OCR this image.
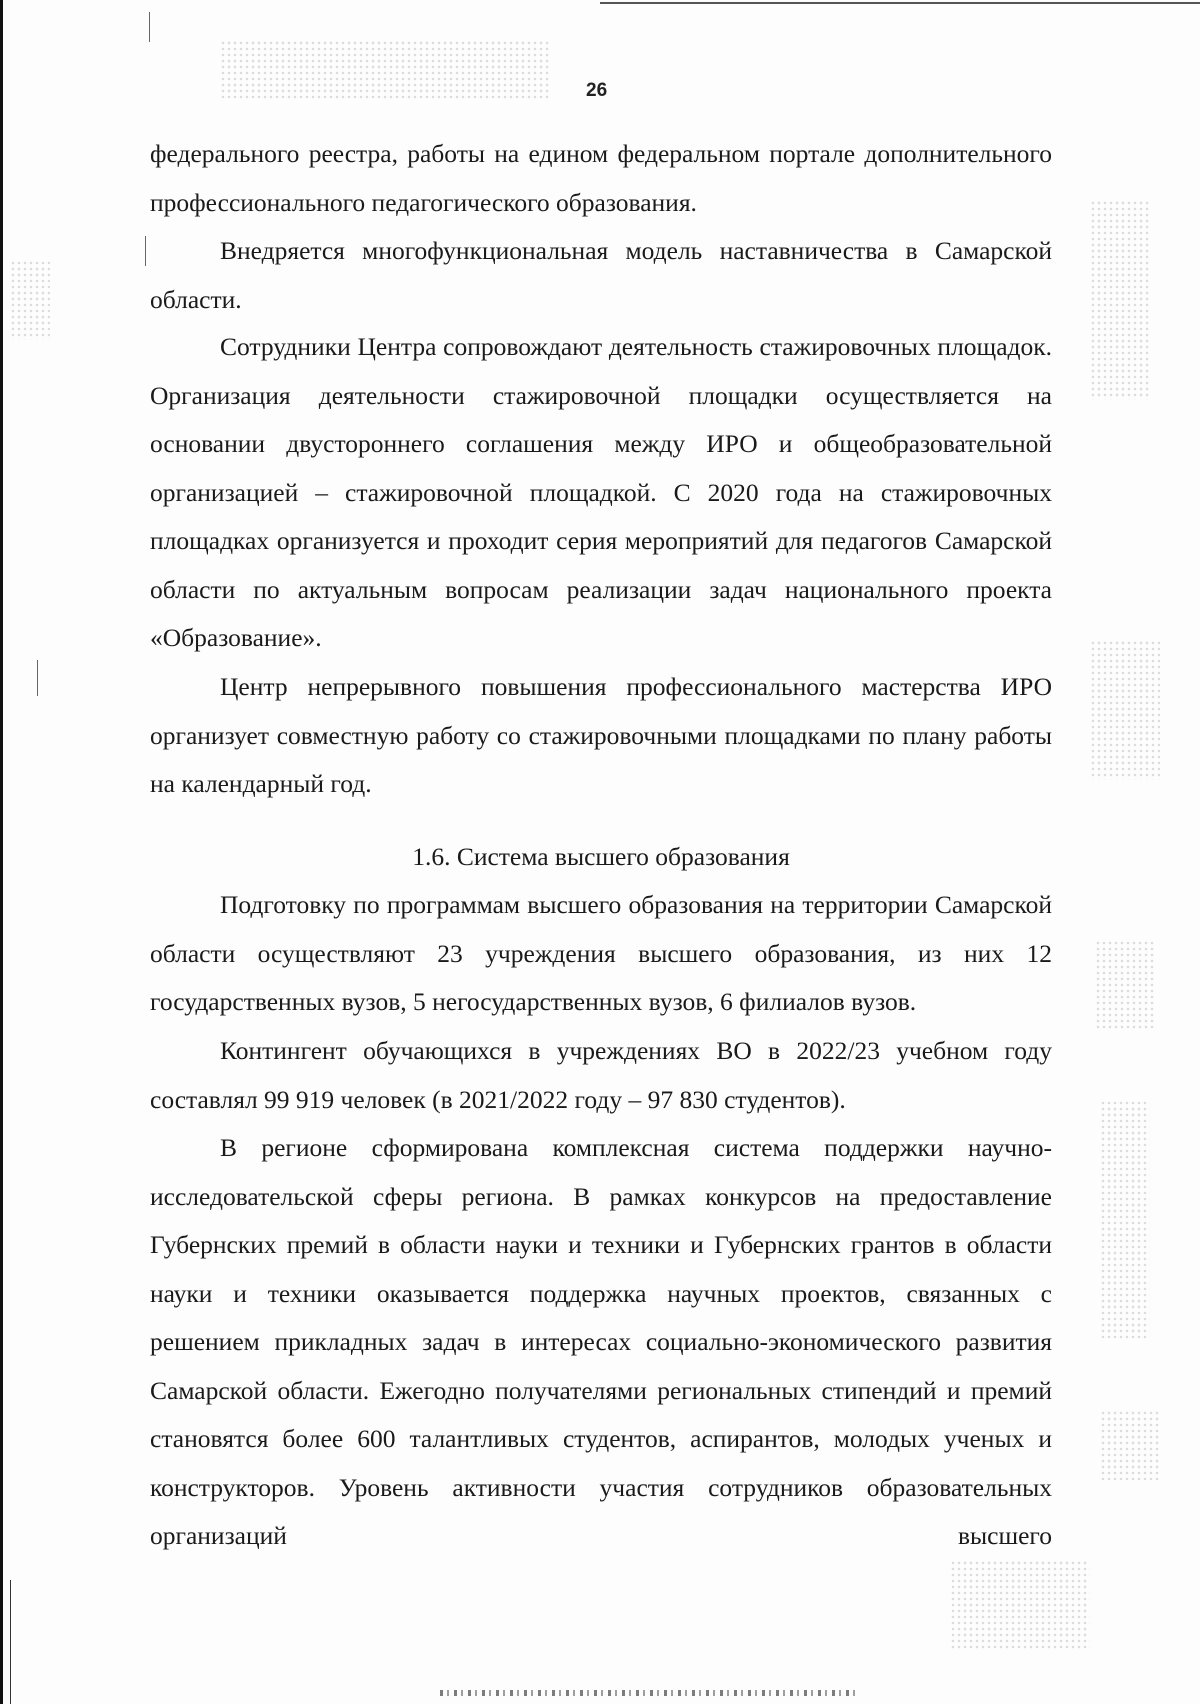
26

федерального реестра, работы на едином федеральном портале дополнительного профессионального педагогического образования.

Внедряется многофункциональная модель наставничества в Самарской области.

Сотрудники Центра сопровождают деятельность стажировочных площадок. Организация деятельности стажировочной площадки осуществляется на основании двустороннего соглашения между ИРО и общеобразовательной организацией – стажировочной площадкой. С 2020 года на стажировочных площадках организуется и проходит серия мероприятий для педагогов Самарской области по актуальным вопросам реализации задач национального проекта «Образование».

Центр непрерывного повышения профессионального мастерства ИРО организует совместную работу со стажировочными площадками по плану работы на календарный год.

1.6. Система высшего образования

Подготовку по программам высшего образования на территории Самарской области осуществляют 23 учреждения высшего образования, из них 12 государственных вузов, 5 негосударственных вузов, 6 филиалов вузов.

Контингент обучающихся в учреждениях ВО в 2022/23 учебном году составлял 99 919 человек (в 2021/2022 году – 97 830 студентов).

В регионе сформирована комплексная система поддержки научно-исследовательской сферы региона. В рамках конкурсов на предоставление Губернских премий в области науки и техники и Губернских грантов в области науки и техники оказывается поддержка научных проектов, связанных с решением прикладных задач в интересах социально-экономического развития Самарской области. Ежегодно получателями региональных стипендий и премий становятся более 600 талантливых студентов, аспирантов, молодых ученых и конструкторов. Уровень активности участия сотрудников образовательных организаций высшего
